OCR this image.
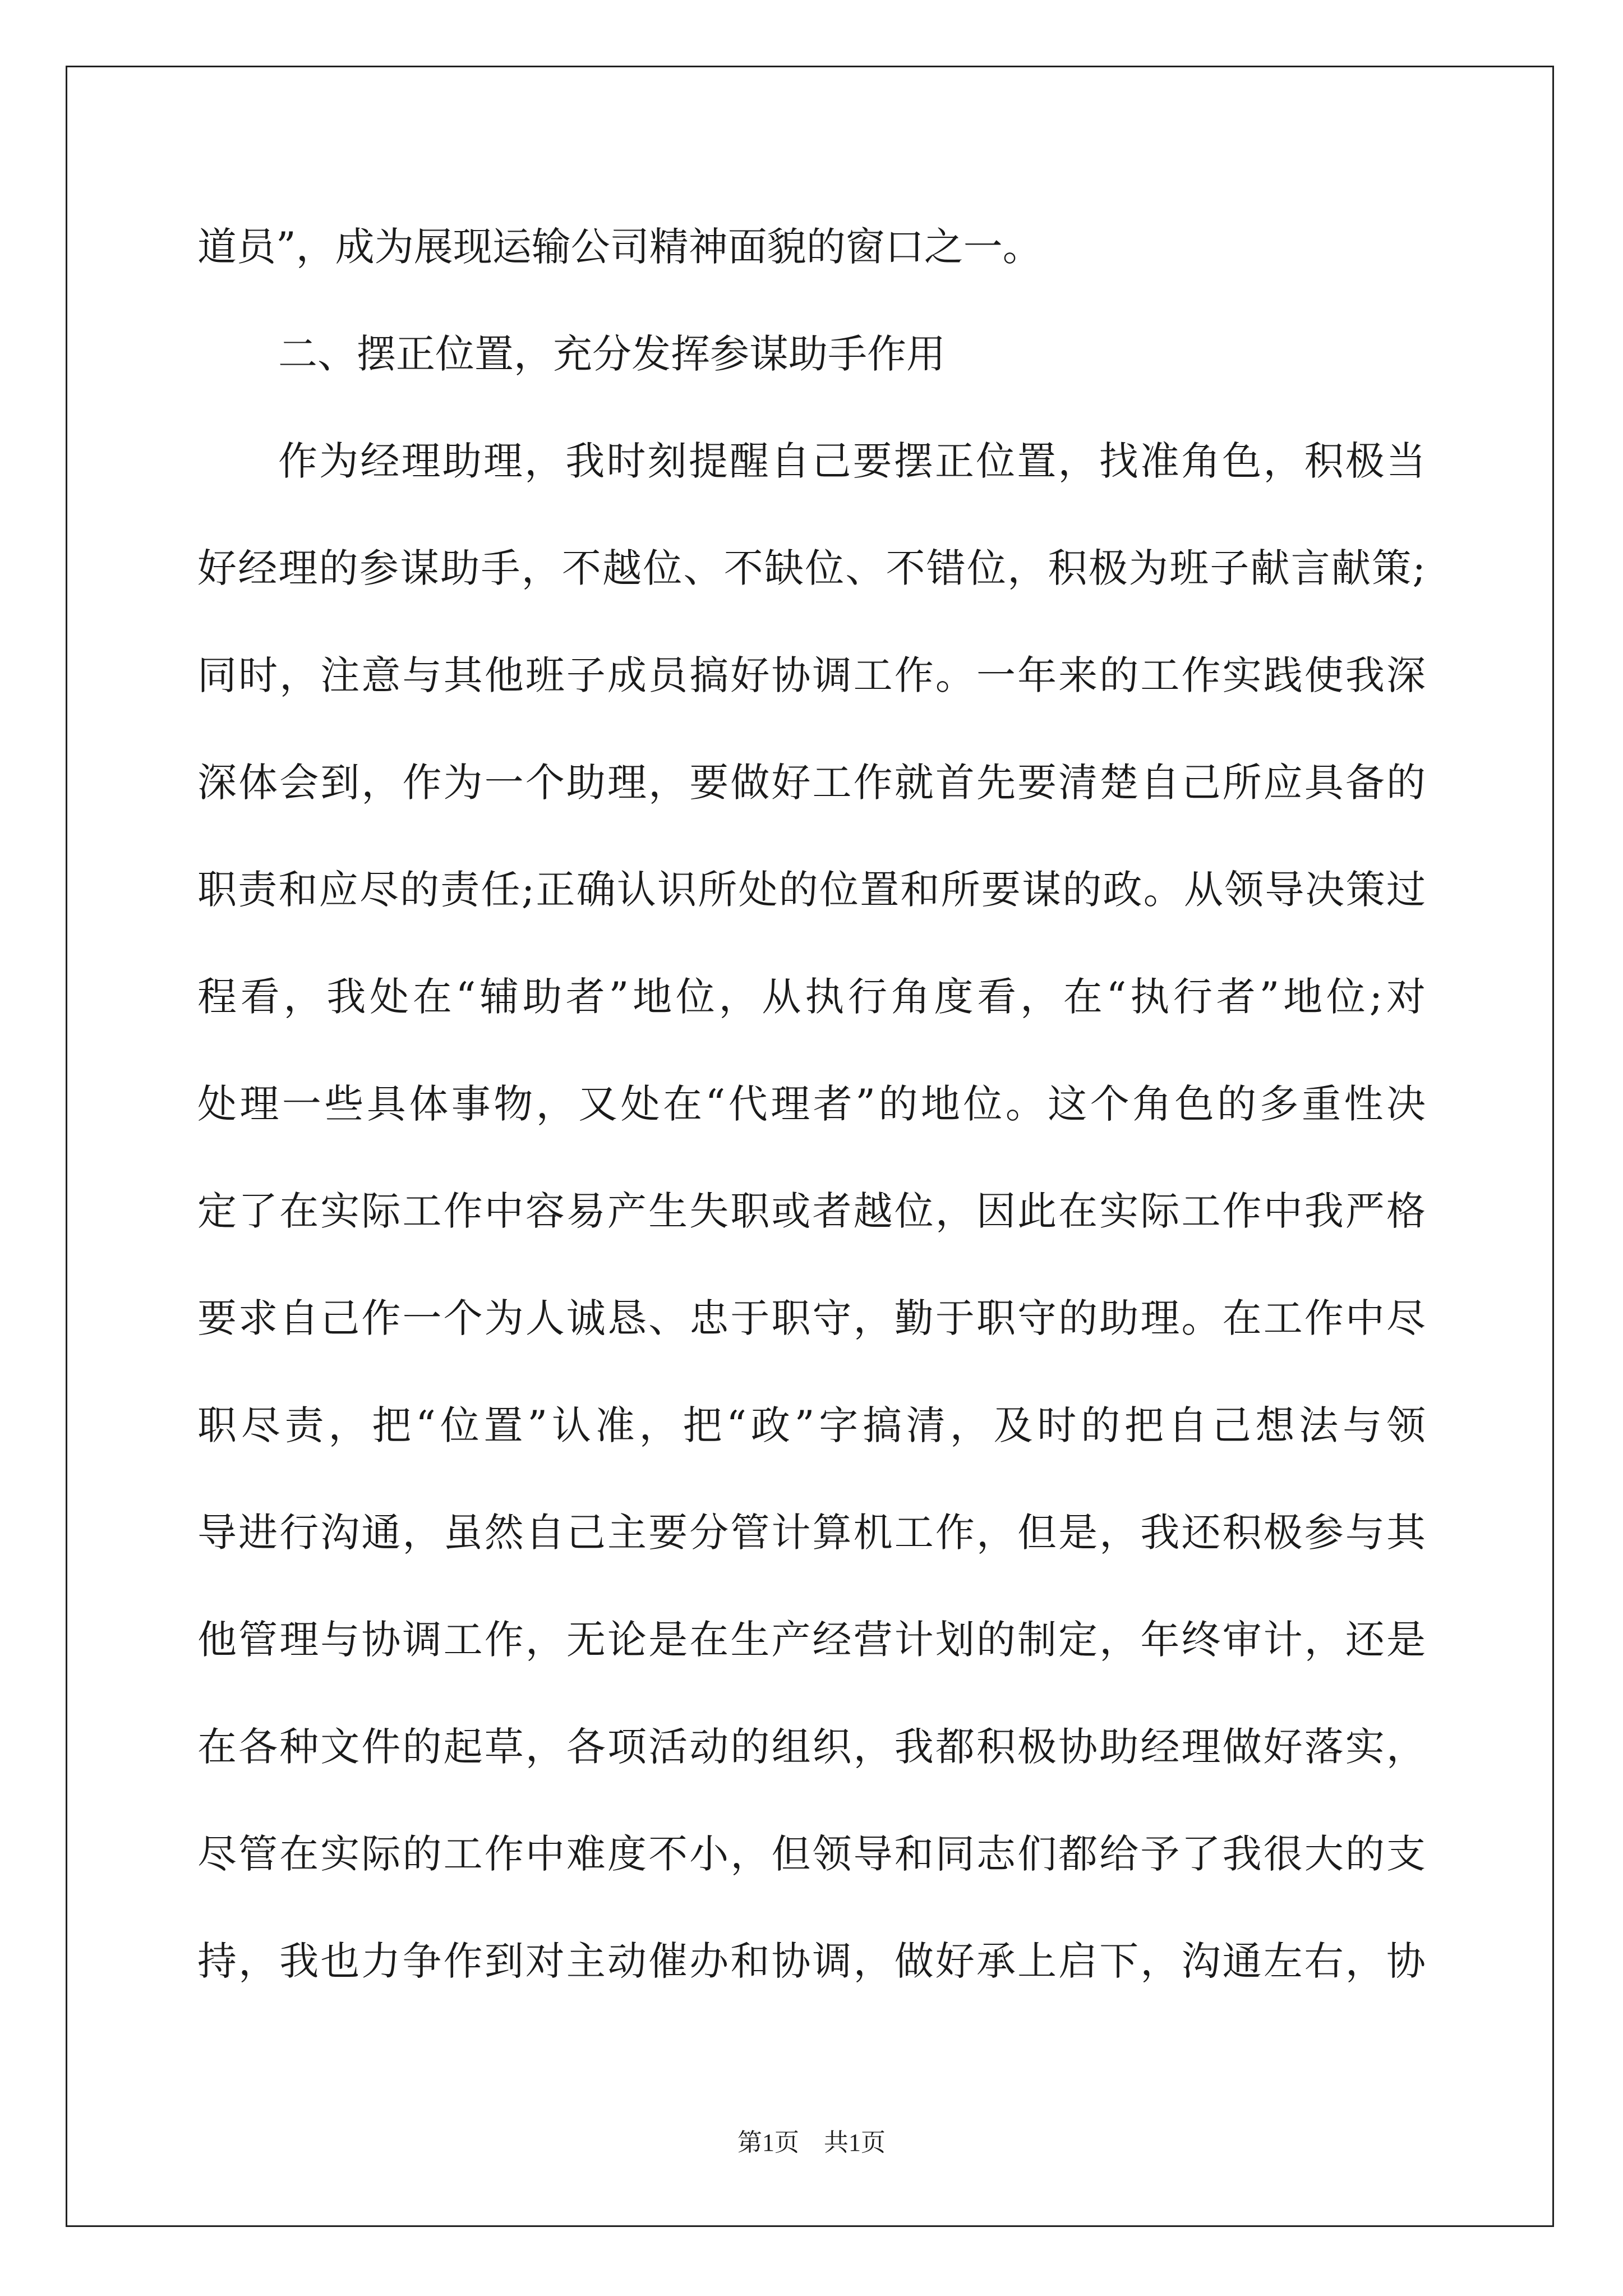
道员”，成为展现运输公司精神面貌的窗口之一。
二、摆正位置，充分发挥参谋助手作用
作为经理助理，我时刻提醒自己要摆正位置，找准角色，积极当
好经理的参谋助手，不越位、不缺位、不错位，积极为班子献言献策;
同时，注意与其他班子成员搞好协调工作。一年来的工作实践使我深
深体会到，作为一个助理，要做好工作就首先要清楚自己所应具备的
职责和应尽的责任;正确认识所处的位置和所要谋的政。从领导决策过
程看，我处在“辅助者”地位，从执行角度看，在“执行者”地位;对
处理一些具体事物，又处在“代理者”的地位。这个角色的多重性决
定了在实际工作中容易产生失职或者越位，因此在实际工作中我严格
要求自己作一个为人诚恳、忠于职守，勤于职守的助理。在工作中尽
职尽责，把“位置”认准，把“政”字搞清，及时的把自己想法与领
导进行沟通，虽然自己主要分管计算机工作，但是，我还积极参与其
他管理与协调工作，无论是在生产经营计划的制定，年终审计，还是
在各种文件的起草，各项活动的组织，我都积极协助经理做好落实，
尽管在实际的工作中难度不小，但领导和同志们都给予了我很大的支
持，我也力争作到对主动催办和协调，做好承上启下，沟通左右，协
第1页 共1页
